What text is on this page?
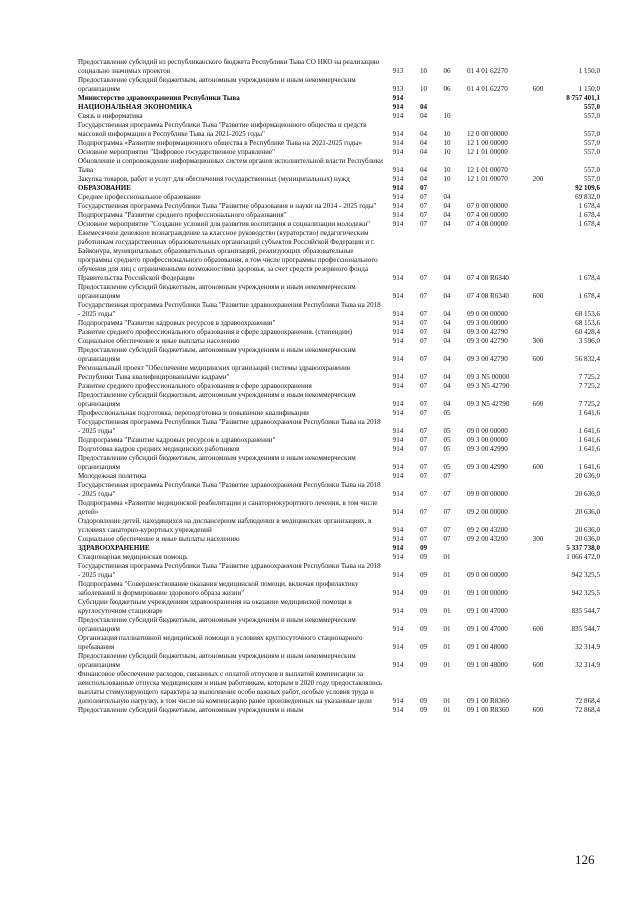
Предоставление субсидий из республиканского бюджета Республики Тыва СО НКО на реализацию социально значимых проектов	913	10	06	01 4 01 62270	1 150,0
Предоставление субсидий бюджетным, автономным учреждениям и иным некоммерческим организациям	913	10	06	01 4 01 62270	600	1 150,0
Министерство здравоохранения Республики Тыва	914	8 757 401,1
НАЦИОНАЛЬНАЯ ЭКОНОМИКА	914	04	557,0
Связь и информатика	914	04	10	557,0
Государственная программа Республики Тыва "Развитие информационного общества и средств массовой информации в Республике Тыва на 2021-2025 годы"	914	04	10	12 0 00 00000	557,0
Подпрограмма «Развитие информационного общества в Республике Тыва на 2021-2025 годы»	914	04	10	12 1 00 00000	557,0
Основное мероприятие "Цифровое государственное управление"	914	04	10	12 1 01 00000	557,0
Обновление и сопровождение информационных систем органов исполнительной власти Республики Тыва	914	04	10	12 1 01 00070	557,0
Закупка товаров, работ и услуг для обеспечения государственных (муниципальных) нужд	914	04	10	12 1 01 00070	200	557,0
ОБРАЗОВАНИЕ	914	07	92 109,6
Среднее профессиональное образование	914	07	04	69 832,0
Государственная программа Республики Тыва "Развитие образования и науки на 2014 - 2025 годы"	914	07	04	07 0 00 00000	1 678,4
Подпрограмма "Развитие среднего профессионального образования"	914	07	04	07 4 00 00000	1 678,4
Основное мероприятие "Создание условий для развития воспитания и социализации молодежи"	914	07	04	07 4 08 00000	1 678,4
Ежемесячное денежное вознаграждение за классное руководство (кураторство) педагогическим работникам государственных образовательных организаций субъектов Российской Федерации и г. Байконура, муниципальных образовательных организаций, реализующих образовательные программы среднего профессионального образования, в том числе программы профессионального обучения для лиц с ограниченными возможностями здоровья, за счет средств резервного фонда Правительства Российской Федерации	914	07	04	07 4 08 R6340	1 678,4
Предоставление субсидий бюджетным, автономным учреждениям и иным некоммерческим организациям	914	07	04	07 4 08 R6340	600	1 678,4
Государственная программа Республики Тыва "Развитие здравоохранения Республики Тыва на 2018 - 2025 годы"	914	07	04	09 0 00 00000	68 153,6
Подпрограмма "Развитие кадровых ресурсов в здравоохранении"	914	07	04	09 3 00 00000	68 153,6
Развитие среднего профессионального образования в сфере здравоохранения. (стипендии)	914	07	04	09 3 00 42790	60 428,4
Социальное обеспечение и иные выплаты населению	914	07	04	09 3 00 42790	300	3 596,0
Предоставление субсидий бюджетным, автономным учреждениям и иным некоммерческим организациям	914	07	04	09 3 00 42790	600	56 832,4
Региональный проект "Обеспечение медицинских организаций системы здравоохранения Республики Тыва квалифицированными кадрами"	914	07	04	09 3 N5 00000	7 725,2
Развитие среднего профессионального образования в сфере здравоохранения	914	07	04	09 3 N5 42790	7 725,2
Предоставление субсидий бюджетным, автономным учреждениям и иным некоммерческим организациям	914	07	04	09 3 N5 42790	600	7 725,2
Профессиональная подготовка, переподготовка и повышение квалификации	914	07	05	1 641,6
Государственная программа Республики Тыва "Развитие здравоохранения Республики Тыва на 2018 - 2025 годы"	914	07	05	09 0 00 00000	1 641,6
Подпрограмма "Развитие кадровых ресурсов в здравоохранении"	914	07	05	09 3 00 00000	1 641,6
Подготовка кадров средних медицинских работников	914	07	05	09 3 00 42990	1 641,6
Предоставление субсидий бюджетным, автономным учреждениям и иным некоммерческим организациям	914	07	05	09 3 00 42990	600	1 641,6
Молодежная политика	914	07	07	20 636,0
Государственная программа Республики Тыва "Развитие здравоохранения Республики Тыва на 2018 - 2025 годы"	914	07	07	09 0 00 00000	20 636,0
Подпрограмма «Развитие медицинской реабилитации и санаторнокурортного лечения, в том числе детей»	914	07	07	09 2 00 00000	20 636,0
Оздоровление детей, находящихся на диспансерном наблюдении в медицинских организациях, в условиях санаторно-курортных учреждений	914	07	07	09 2 00 43200	20 636,0
Социальное обеспечение и иные выплаты населению	914	07	07	09 2 00 43200	300	20 636,0
ЗДРАВООХРАНЕНИЕ	914	09	5 337 738,0
Стационарная медицинская помощь	914	09	01	1 066 472,0
Государственная программа Республики Тыва "Развитие здравоохранения Республики Тыва на 2018 - 2025 годы"	914	09	01	09 0 00 00000	942 325,5
Подпрограмма "Совершенствование оказания медицинской помощи, включая профилактику заболеваний и формирование здорового образа жизни"	914	09	01	09 1 00 00000	942 325,5
Субсидии бюджетным учреждениям здравоохранения на оказание медицинской помощи в круглосуточном стационаре	914	09	01	09 1 00 47000	835 544,7
Предоставление субсидий бюджетным, автономным учреждениям и иным некоммерческим организациям	914	09	01	09 1 00 47000	600	835 544,7
Организация паллиативной медицинской помощи в условиях круглосуточного стационарного пребывания	914	09	01	09 1 00 48000	32 314,9
Предоставление субсидий бюджетным, автономным учреждениям и иным некоммерческим организациям	914	09	01	09 1 00 48000	600	32 314,9
Финансовое обеспечение расходов, связанных с оплатой отпусков и выплатой компенсации за неиспользованные отпуска медицинским и иным работникам, которым в 2020 году предоставлялись выплаты стимулирующего характера за выполнение особо важных работ, особые условия труда и дополнительную нагрузку, в том числе на компенсацию ранее произведенных на указанные цели	914	09	01	09 1 00 R8360	72 868,4
Предоставление субсидий бюджетным, автономным учреждениям и иным	914	09	01	09 1 00 R8360	600	72 868,4
126
